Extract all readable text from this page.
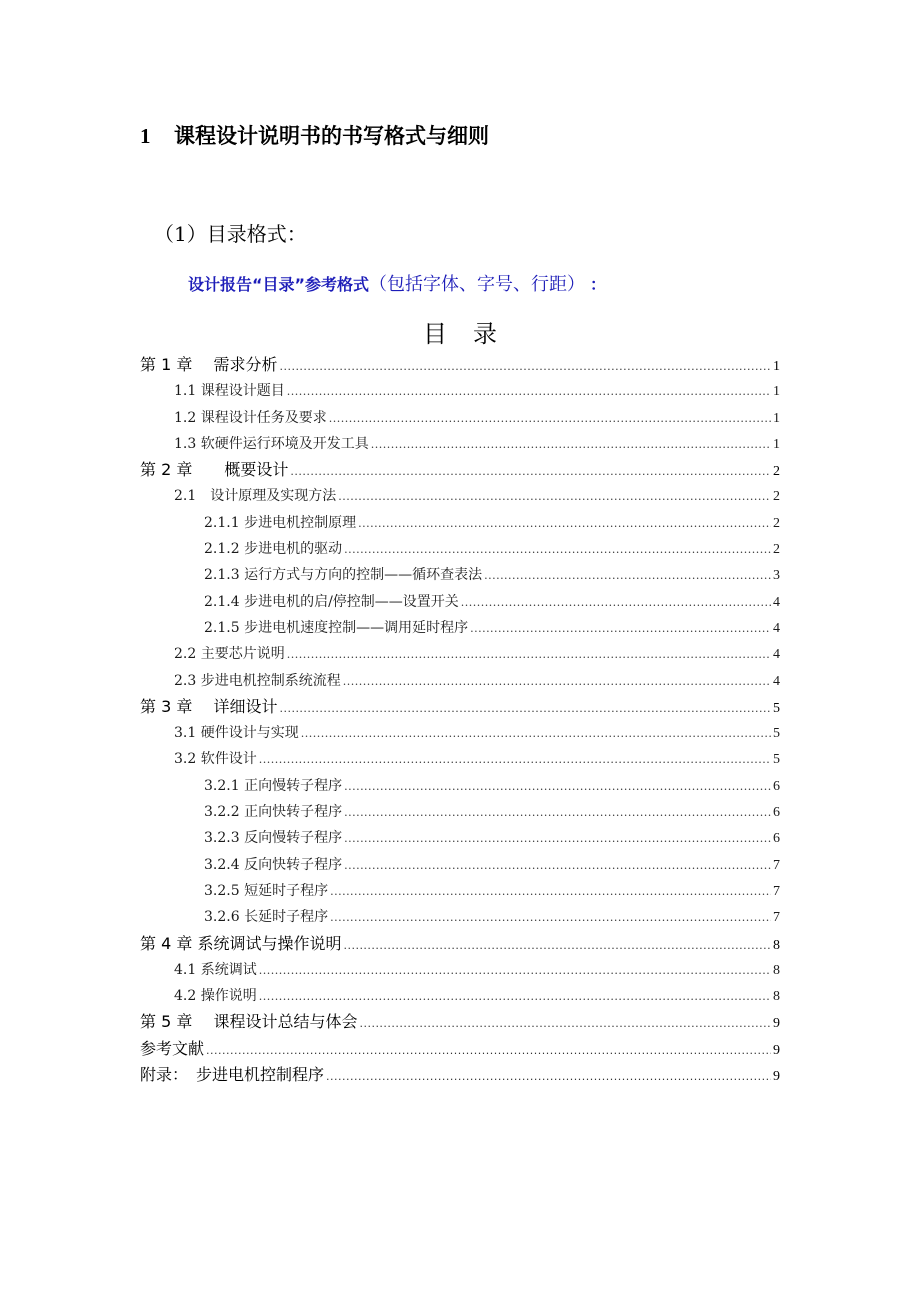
1 课程设计说明书的书写格式与细则
（1）目录格式：
设计报告“目录”参考格式（包括字体、字号、行距） ：
目录
第 1 章　 需求分析 .....	1
1.1 课程设计题目 .....	1
1.2 课程设计任务及要求 .....	1
1.3 软硬件运行环境及开发工具 .....	1
第 2 章　　概要设计 .....	2
2.1　设计原理及实现方法 .....	2
2.1.1 步进电机控制原理 .....	2
2.1.2 步进电机的驱动 .....	2
2.1.3 运行方式与方向的控制——循环查表法 .....	3
2.1.4 步进电机的启/停控制——设置开关 .....	4
2.1.5 步进电机速度控制——调用延时程序 .....	4
2.2 主要芯片说明 .....	4
2.3 步进电机控制系统流程 .....	4
第 3 章　 详细设计 .....	5
3.1 硬件设计与实现 .....	5
3.2 软件设计 .....	5
3.2.1 正向慢转子程序 .....	6
3.2.2 正向快转子程序 .....	6
3.2.3 反向慢转子程序 .....	6
3.2.4 反向快转子程序 .....	7
3.2.5 短延时子程序 .....	7
3.2.6 长延时子程序 .....	7
第 4 章 系统调试与操作说明 .....	8
4.1 系统调试 .....	8
4.2 操作说明 .....	8
第 5 章　 课程设计总结与体会 .....	9
参考文献 .....	9
附录：　步进电机控制程序 .....	9
